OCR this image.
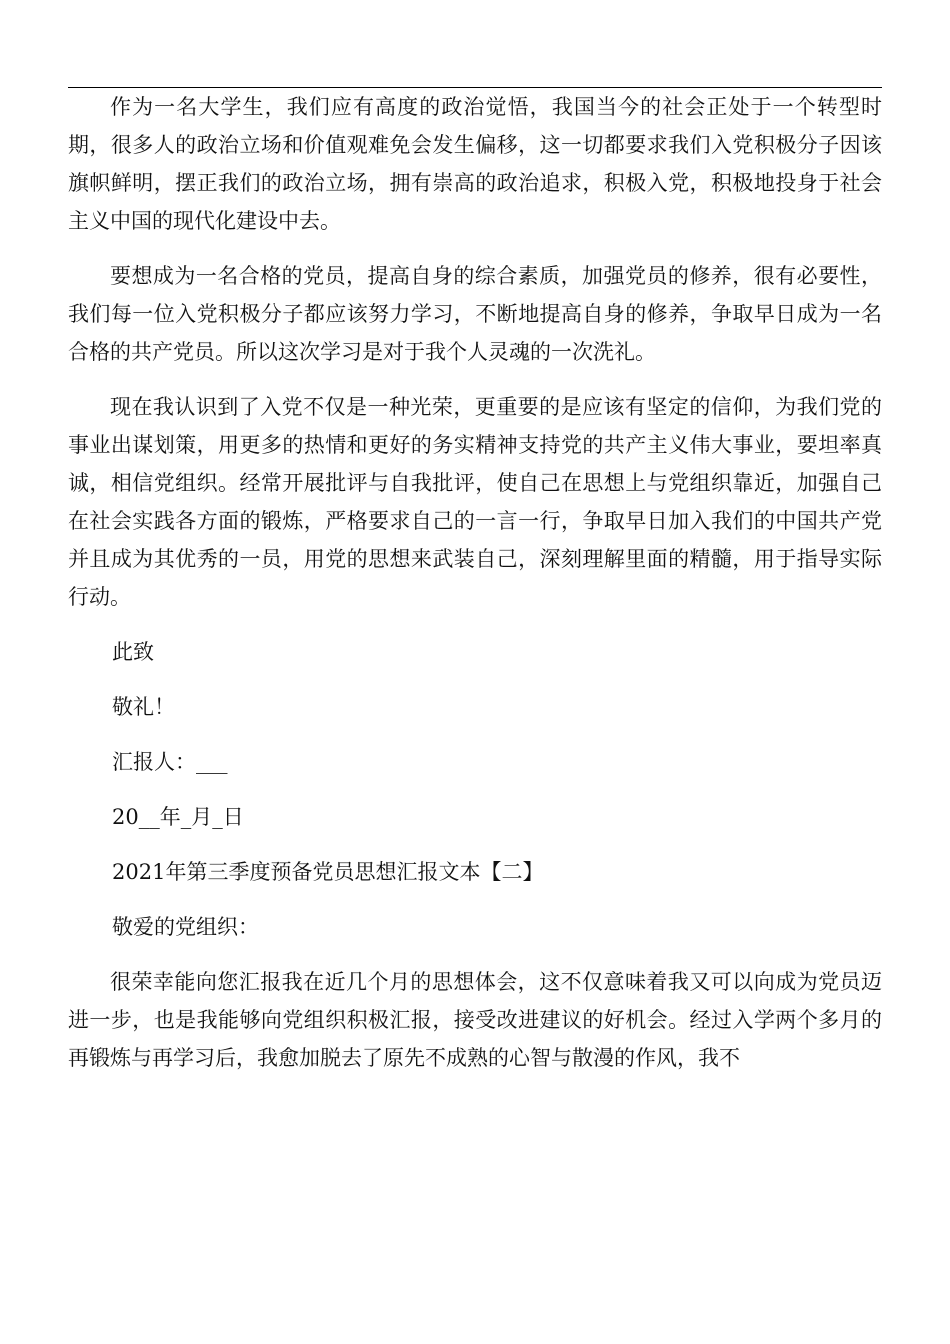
作为一名大学生，我们应有高度的政治觉悟，我国当今的社会正处于一个转型时期，很多人的政治立场和价值观难免会发生偏移，这一切都要求我们入党积极分子因该旗帜鲜明，摆正我们的政治立场，拥有崇高的政治追求，积极入党，积极地投身于社会主义中国的现代化建设中去。

要想成为一名合格的党员，提高自身的综合素质，加强党员的修养，很有必要性，我们每一位入党积极分子都应该努力学习，不断地提高自身的修养，争取早日成为一名合格的共产党员。所以这次学习是对于我个人灵魂的一次洗礼。

现在我认识到了入党不仅是一种光荣，更重要的是应该有坚定的信仰，为我们党的事业出谋划策，用更多的热情和更好的务实精神支持党的共产主义伟大事业，要坦率真诚，相信党组织。经常开展批评与自我批评，使自己在思想上与党组织靠近，加强自己在社会实践各方面的锻炼，严格要求自己的一言一行，争取早日加入我们的中国共产党并且成为其优秀的一员，用党的思想来武装自己，深刻理解里面的精髓，用于指导实际行动。

此致

敬礼！

汇报人：___

20__年_月_日

2021年第三季度预备党员思想汇报文本【二】

敬爱的党组织：

很荣幸能向您汇报我在近几个月的思想体会，这不仅意味着我又可以向成为党员迈进一步，也是我能够向党组织积极汇报，接受改进建议的好机会。经过入学两个多月的再锻炼与再学习后，我愈加脱去了原先不成熟的心智与散漫的作风，我不
